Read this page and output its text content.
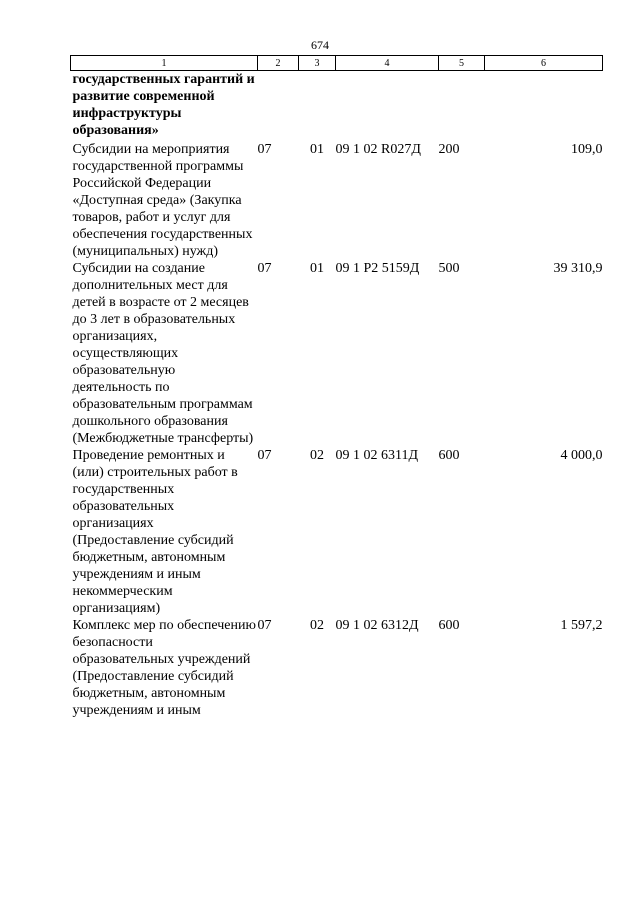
674
1	2	3	4	5	6
государственных гарантий и развитие современной инфраструктуры образования»					
Субсидии на мероприятия государственной программы Российской Федерации «Доступная среда» (Закупка товаров, работ и услуг для обеспечения государственных (муниципальных) нужд)	07	01	09 1 02 R027Д	200	109,0
Субсидии на создание дополнительных мест для детей в возрасте от 2 месяцев до 3 лет в образовательных организациях, осуществляющих образовательную деятельность по образовательным программам дошкольного образования (Межбюджетные трансферты)	07	01	09 1 P2 5159Д	500	39 310,9
Проведение ремонтных и (или) строительных работ в государственных образовательных организациях (Предоставление субсидий бюджетным, автономным учреждениям и иным некоммерческим организациям)	07	02	09 1 02 6311Д	600	4 000,0
Комплекс мер по обеспечению безопасности образовательных учреждений (Предоставление субсидий бюджетным, автономным учреждениям и иным	07	02	09 1 02 6312Д	600	1 597,2
